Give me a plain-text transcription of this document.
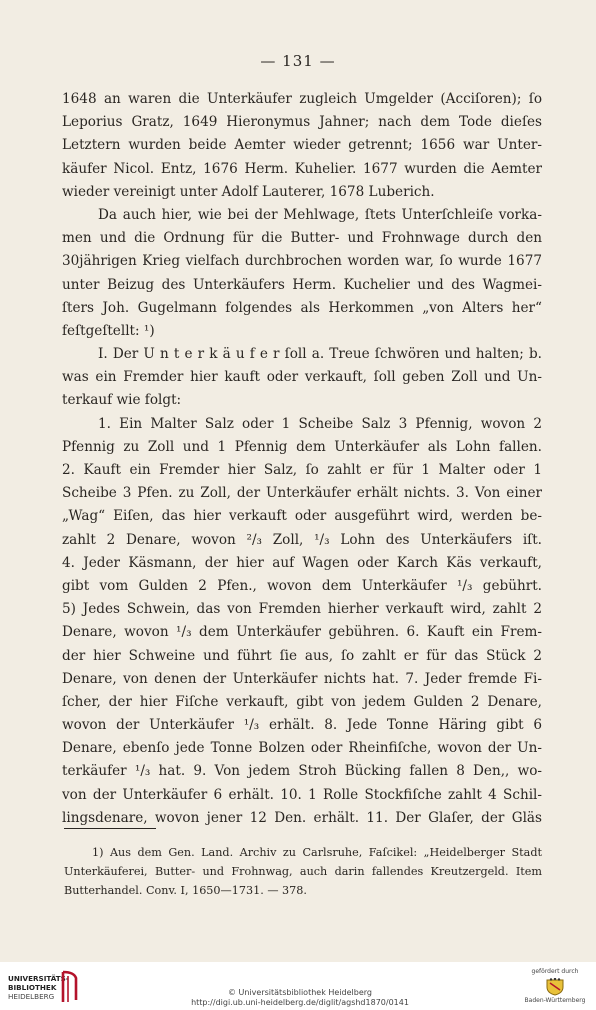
— 131 —
1648 an waren die Unterkäufer zugleich Umgelder (Acciſoren); ſo
Leporius Gratz, 1649 Hieronymus Jahner; nach dem Tode dieſes
Letztern wurden beide Aemter wieder getrennt; 1656 war Unter-
käufer Nicol. Entz, 1676 Herm. Kuhelier. 1677 wurden die Aemter
wieder vereinigt unter Adolf Lauterer, 1678 Luberich.
Da auch hier, wie bei der Mehlwage, ſtets Unterſchleiſe vorka-
men und die Ordnung für die Butter- und Frohnwage durch den
30jährigen Krieg vielfach durchbrochen worden war, ſo wurde 1677
unter Beizug des Unterkäufers Herm. Kuchelier und des Wagmei-
ſters Joh. Gugelmann folgendes als Herkommen „von Alters her“
feſtgeſtellt: ¹)
I. Der U n t e r k ä u f e r ſoll a. Treue ſchwören und halten; b.
was ein Fremder hier kauft oder verkauft, ſoll geben Zoll und Un-
terkauf wie folgt:
1. Ein Malter Salz oder 1 Scheibe Salz 3 Pfennig, wovon 2
Pfennig zu Zoll und 1 Pfennig dem Unterkäufer als Lohn fallen.
2. Kauft ein Fremder hier Salz, ſo zahlt er für 1 Malter oder 1
Scheibe 3 Pfen. zu Zoll, der Unterkäufer erhält nichts. 3. Von einer
„Wag“ Eiſen, das hier verkauft oder ausgeführt wird, werden be-
zahlt 2 Denare, wovon ²/₃ Zoll, ¹/₃ Lohn des Unterkäufers iſt.
4. Jeder Käsmann, der hier auf Wagen oder Karch Käs verkauft,
gibt vom Gulden 2 Pfen., wovon dem Unterkäufer ¹/₃ gebührt.
5) Jedes Schwein, das von Fremden hierher verkauft wird, zahlt 2
Denare, wovon ¹/₃ dem Unterkäufer gebühren. 6. Kauft ein Frem-
der hier Schweine und führt ſie aus, ſo zahlt er für das Stück 2
Denare, von denen der Unterkäufer nichts hat. 7. Jeder fremde Fi-
ſcher, der hier Fiſche verkauft, gibt von jedem Gulden 2 Denare,
wovon der Unterkäufer ¹/₃ erhält. 8. Jede Tonne Häring gibt 6
Denare, ebenſo jede Tonne Bolzen oder Rheinfiſche, wovon der Un-
terkäufer ¹/₃ hat. 9. Von jedem Stroh Bücking fallen 8 Den,, wo-
von der Unterkäufer 6 erhält. 10. 1 Rolle Stockfiſche zahlt 4 Schil-
lingsdenare, wovon jener 12 Den. erhält. 11. Der Glaſer, der Gläs
1) Aus dem Gen. Land. Archiv zu Carlsruhe, Faſcikel: „Heidelberger Stadt
Unterkäuferei, Butter- und Frohnwag, auch darin fallendes Kreutzergeld. Item
Butterhandel. Conv. I, 1650—1731. — 378.
UNIVERSITÄTS-
BIBLIOTHEK
HEIDELBERG	© Universitätsbibliothek Heidelberg
http://digi.ub.uni-heidelberg.de/diglit/agshd1870/0141
gefördert durch
Baden-Württemberg
